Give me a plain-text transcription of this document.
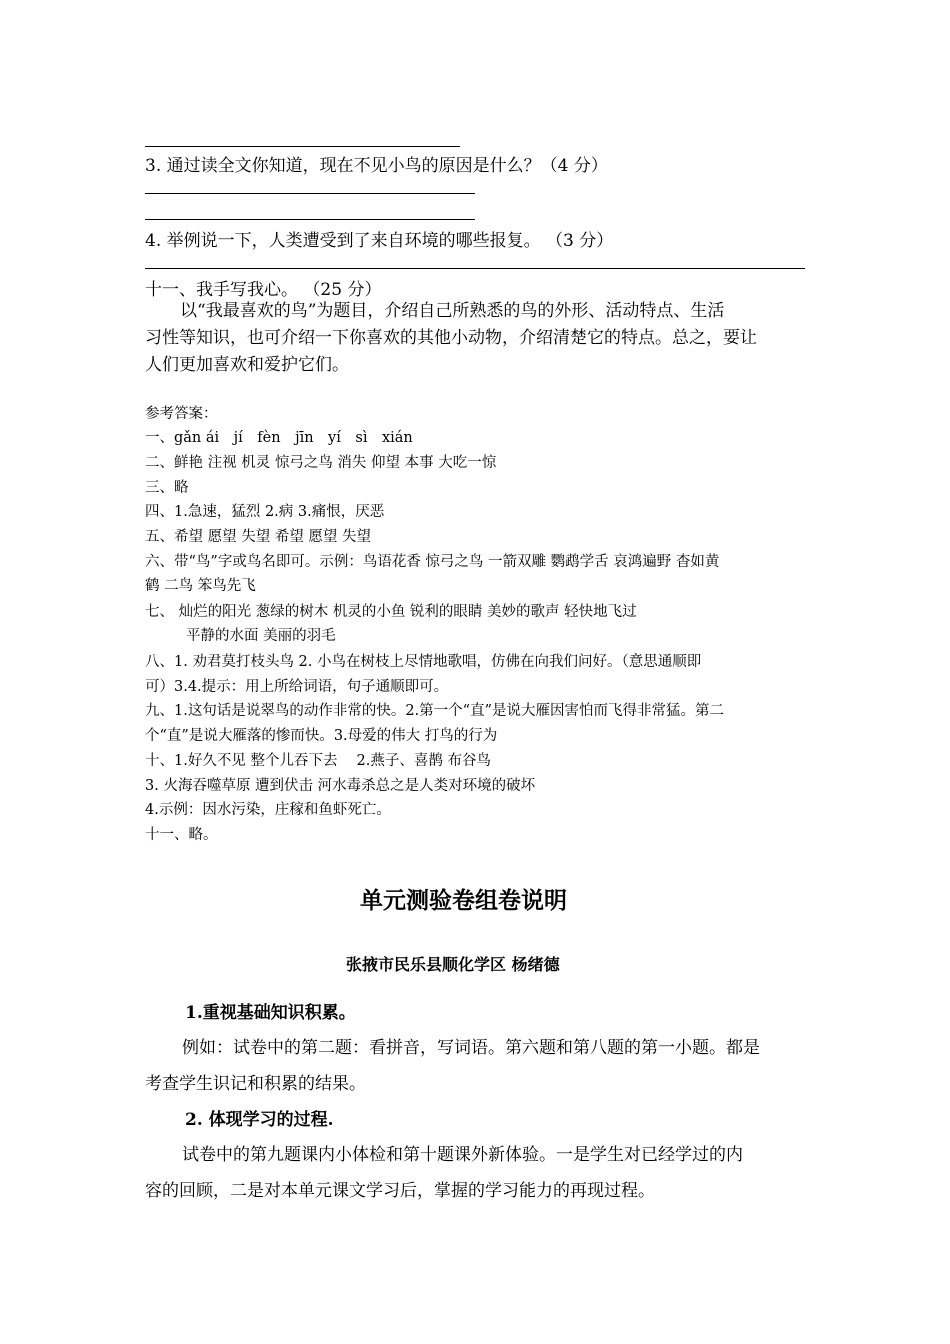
3. 通过读全文你知道，现在不见小鸟的原因是什么？（4 分）
4. 举例说一下，人类遭受到了来自环境的哪些报复。 （3 分）
十一、我手写我心。 （25 分）
以“我最喜欢的鸟”为题目，介绍自己所熟悉的鸟的外形、活动特点、生活
习性等知识，也可介绍一下你喜欢的其他小动物，介绍清楚它的特点。总之，要让
人们更加喜欢和爱护它们。
参考答案：
一、gǎn ái　jí　fèn　jīn　yí　sì　xián
二、鲜艳 注视 机灵 惊弓之鸟 消失 仰望 本事 大吃一惊
三、略
四、1.急速，猛烈 2.病 3.痛恨，厌恶
五、希望 愿望 失望 希望 愿望 失望
六、带“鸟”字或鸟名即可。示例：鸟语花香 惊弓之鸟 一箭双雕 鹦鹉学舌 哀鸿遍野 杳如黄
鹤 二鸟 笨鸟先飞
七、 灿烂的阳光 葱绿的树木 机灵的小鱼 锐利的眼睛 美妙的歌声 轻快地飞过
平静的水面 美丽的羽毛
八、1. 劝君莫打枝头鸟 2. 小鸟在树枝上尽情地歌唱，仿佛在向我们问好。（意思通顺即
可）3.4.提示：用上所给词语，句子通顺即可。
九、1.这句话是说翠鸟的动作非常的快。2.第一个“直”是说大雁因害怕而飞得非常猛。第二
个“直”是说大雁落的惨而快。3.母爱的伟大 打鸟的行为
十、1.好久不见 整个儿吞下去　 2.燕子、喜鹊 布谷鸟
3. 火海吞噬草原 遭到伏击 河水毒杀总之是人类对环境的破坏
4.示例：因水污染，庄稼和鱼虾死亡。
十一、略。
单元测验卷组卷说明
张掖市民乐县顺化学区 杨绪德
1.重视基础知识积累。
例如：试卷中的第二题：看拼音，写词语。第六题和第八题的第一小题。都是
考查学生识记和积累的结果。
2. 体现学习的过程.
试卷中的第九题课内小体检和第十题课外新体验。一是学生对已经学过的内
容的回顾，二是对本单元课文学习后，掌握的学习能力的再现过程。
